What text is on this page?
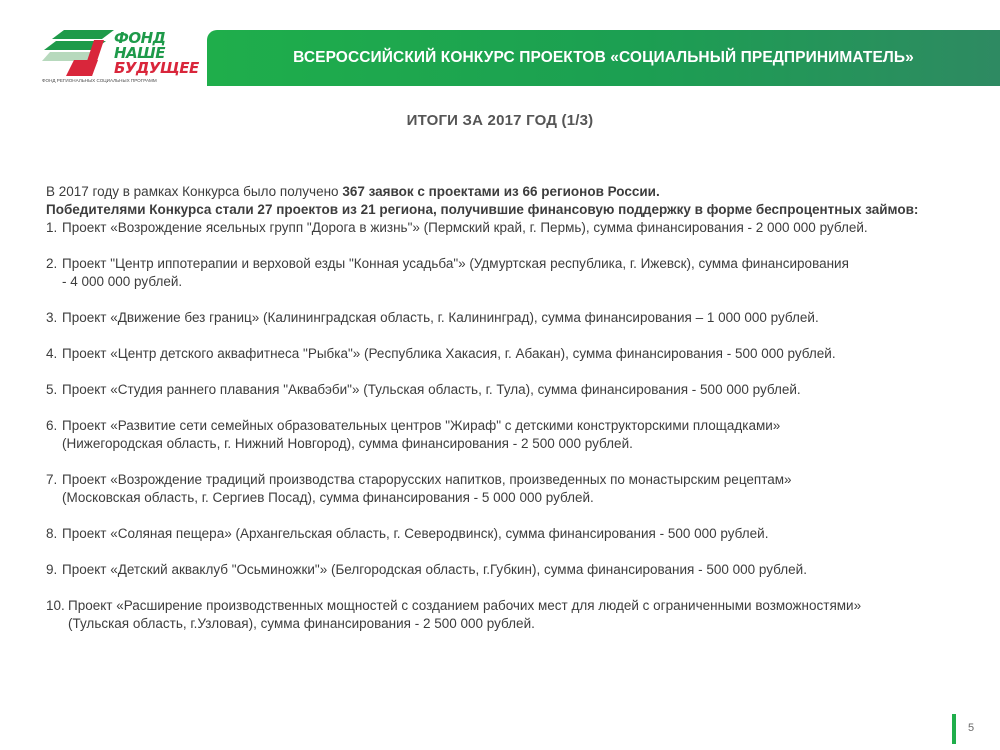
ФОНД
НАШЕ
БУДУЩЕЕ
ФОНД РЕГИОНАЛЬНЫХ СОЦИАЛЬНЫХ ПРОГРАММ
ВСЕРОССИЙСКИЙ КОНКУРС ПРОЕКТОВ «СОЦИАЛЬНЫЙ ПРЕДПРИНИМАТЕЛЬ»
ИТОГИ ЗА 2017 ГОД (1/3)
В 2017 году в рамках Конкурса было получено 367 заявок с проектами из 66 регионов России.
Победителями Конкурса стали 27 проектов из 21 региона, получившие финансовую поддержку в форме беспроцентных займов:
1. Проект «Возрождение ясельных групп "Дорога в жизнь"» (Пермский край, г. Пермь), сумма финансирования - 2 000 000 рублей.
2. Проект "Центр иппотерапии и верховой езды "Конная усадьба"» (Удмуртская республика, г. Ижевск), сумма финансирования
- 4 000 000 рублей.
3. Проект «Движение без границ» (Калининградская область, г. Калининград), сумма финансирования – 1 000 000 рублей.
4. Проект «Центр детского аквафитнеса "Рыбка"» (Республика Хакасия, г. Абакан), сумма финансирования - 500 000 рублей.
5. Проект «Студия раннего плавания "Аквабэби"» (Тульская область, г. Тула), сумма финансирования - 500 000 рублей.
6. Проект «Развитие сети семейных образовательных центров "Жираф" с детскими конструкторскими площадками»
(Нижегородская область, г. Нижний Новгород), сумма финансирования - 2 500 000 рублей.
7. Проект «Возрождение традиций производства старорусских напитков, произведенных по монастырским рецептам»
(Московская область, г. Сергиев Посад), сумма финансирования - 5 000 000 рублей.
8. Проект «Соляная пещера» (Архангельская область, г. Северодвинск), сумма финансирования - 500 000 рублей.
9. Проект «Детский акваклуб "Осьминожки"» (Белгородская область, г.Губкин), сумма финансирования - 500 000 рублей.
10. Проект «Расширение производственных мощностей с созданием рабочих мест для людей с ограниченными возможностями»
(Тульская область, г.Узловая), сумма финансирования - 2 500 000 рублей.
5
